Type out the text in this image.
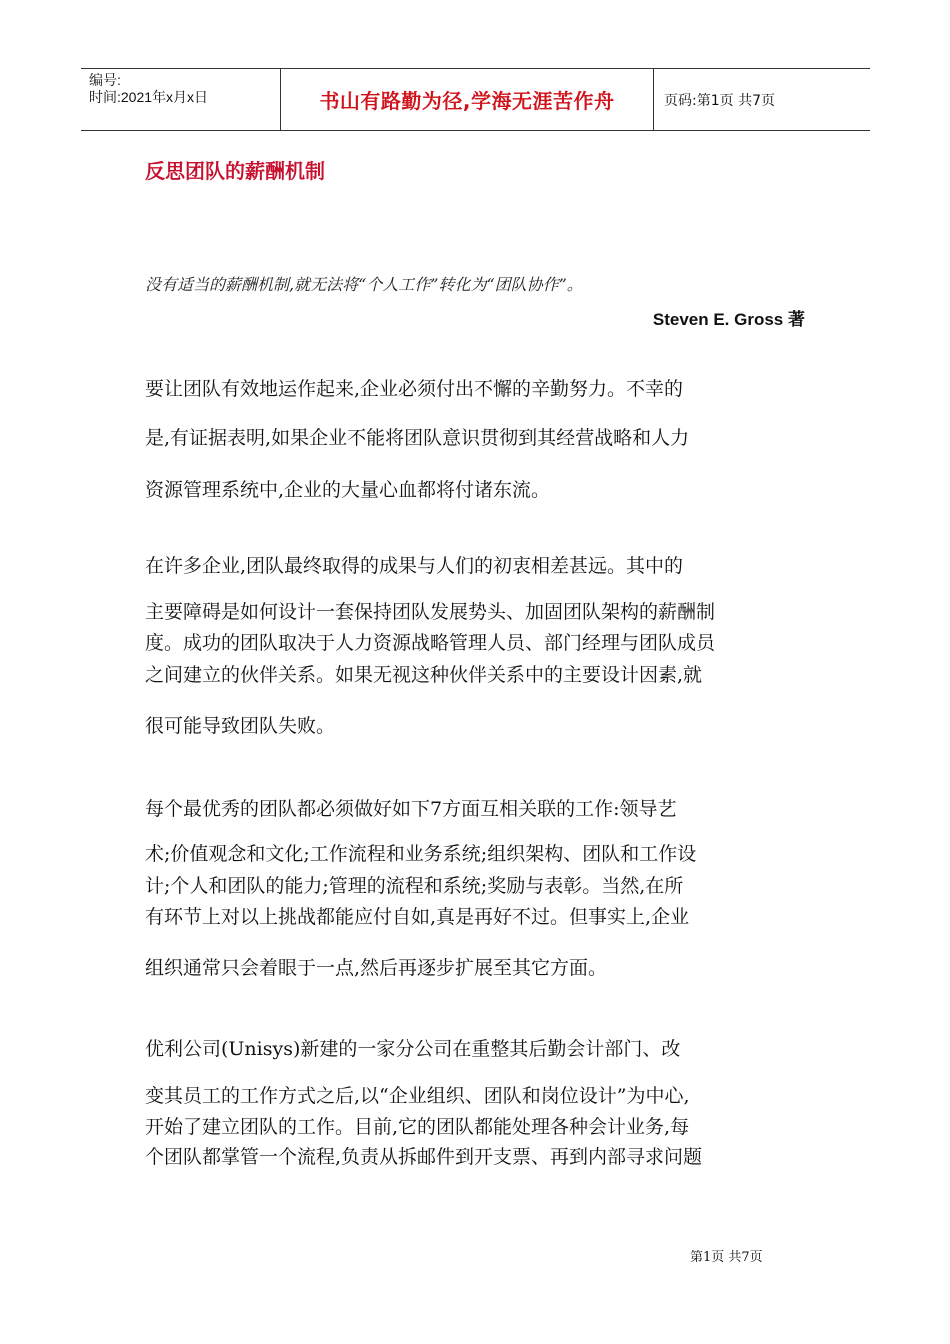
编号:
时间:2021年x月x日	书山有路勤为径,学海无涯苦作舟	页码:第1页 共7页
反思团队的薪酬机制
没有适当的薪酬机制,就无法将“个人工作”转化为“团队协作”。
Steven E. Gross 著
要让团队有效地运作起来,企业必须付出不懈的辛勤努力。不幸的
是,有证据表明,如果企业不能将团队意识贯彻到其经营战略和人力
资源管理系统中,企业的大量心血都将付诸东流。
在许多企业,团队最终取得的成果与人们的初衷相差甚远。其中的
主要障碍是如何设计一套保持团队发展势头、加固团队架构的薪酬制
度。成功的团队取决于人力资源战略管理人员、部门经理与团队成员
之间建立的伙伴关系。如果无视这种伙伴关系中的主要设计因素,就
很可能导致团队失败。
每个最优秀的团队都必须做好如下7方面互相关联的工作:领导艺
术;价值观念和文化;工作流程和业务系统;组织架构、团队和工作设
计;个人和团队的能力;管理的流程和系统;奖励与表彰。当然,在所
有环节上对以上挑战都能应付自如,真是再好不过。但事实上,企业
组织通常只会着眼于一点,然后再逐步扩展至其它方面。
优利公司(Unisys)新建的一家分公司在重整其后勤会计部门、改
变其员工的工作方式之后,以“企业组织、团队和岗位设计”为中心,
开始了建立团队的工作。目前,它的团队都能处理各种会计业务,每
个团队都掌管一个流程,负责从拆邮件到开支票、再到内部寻求问题
第1页 共7页
